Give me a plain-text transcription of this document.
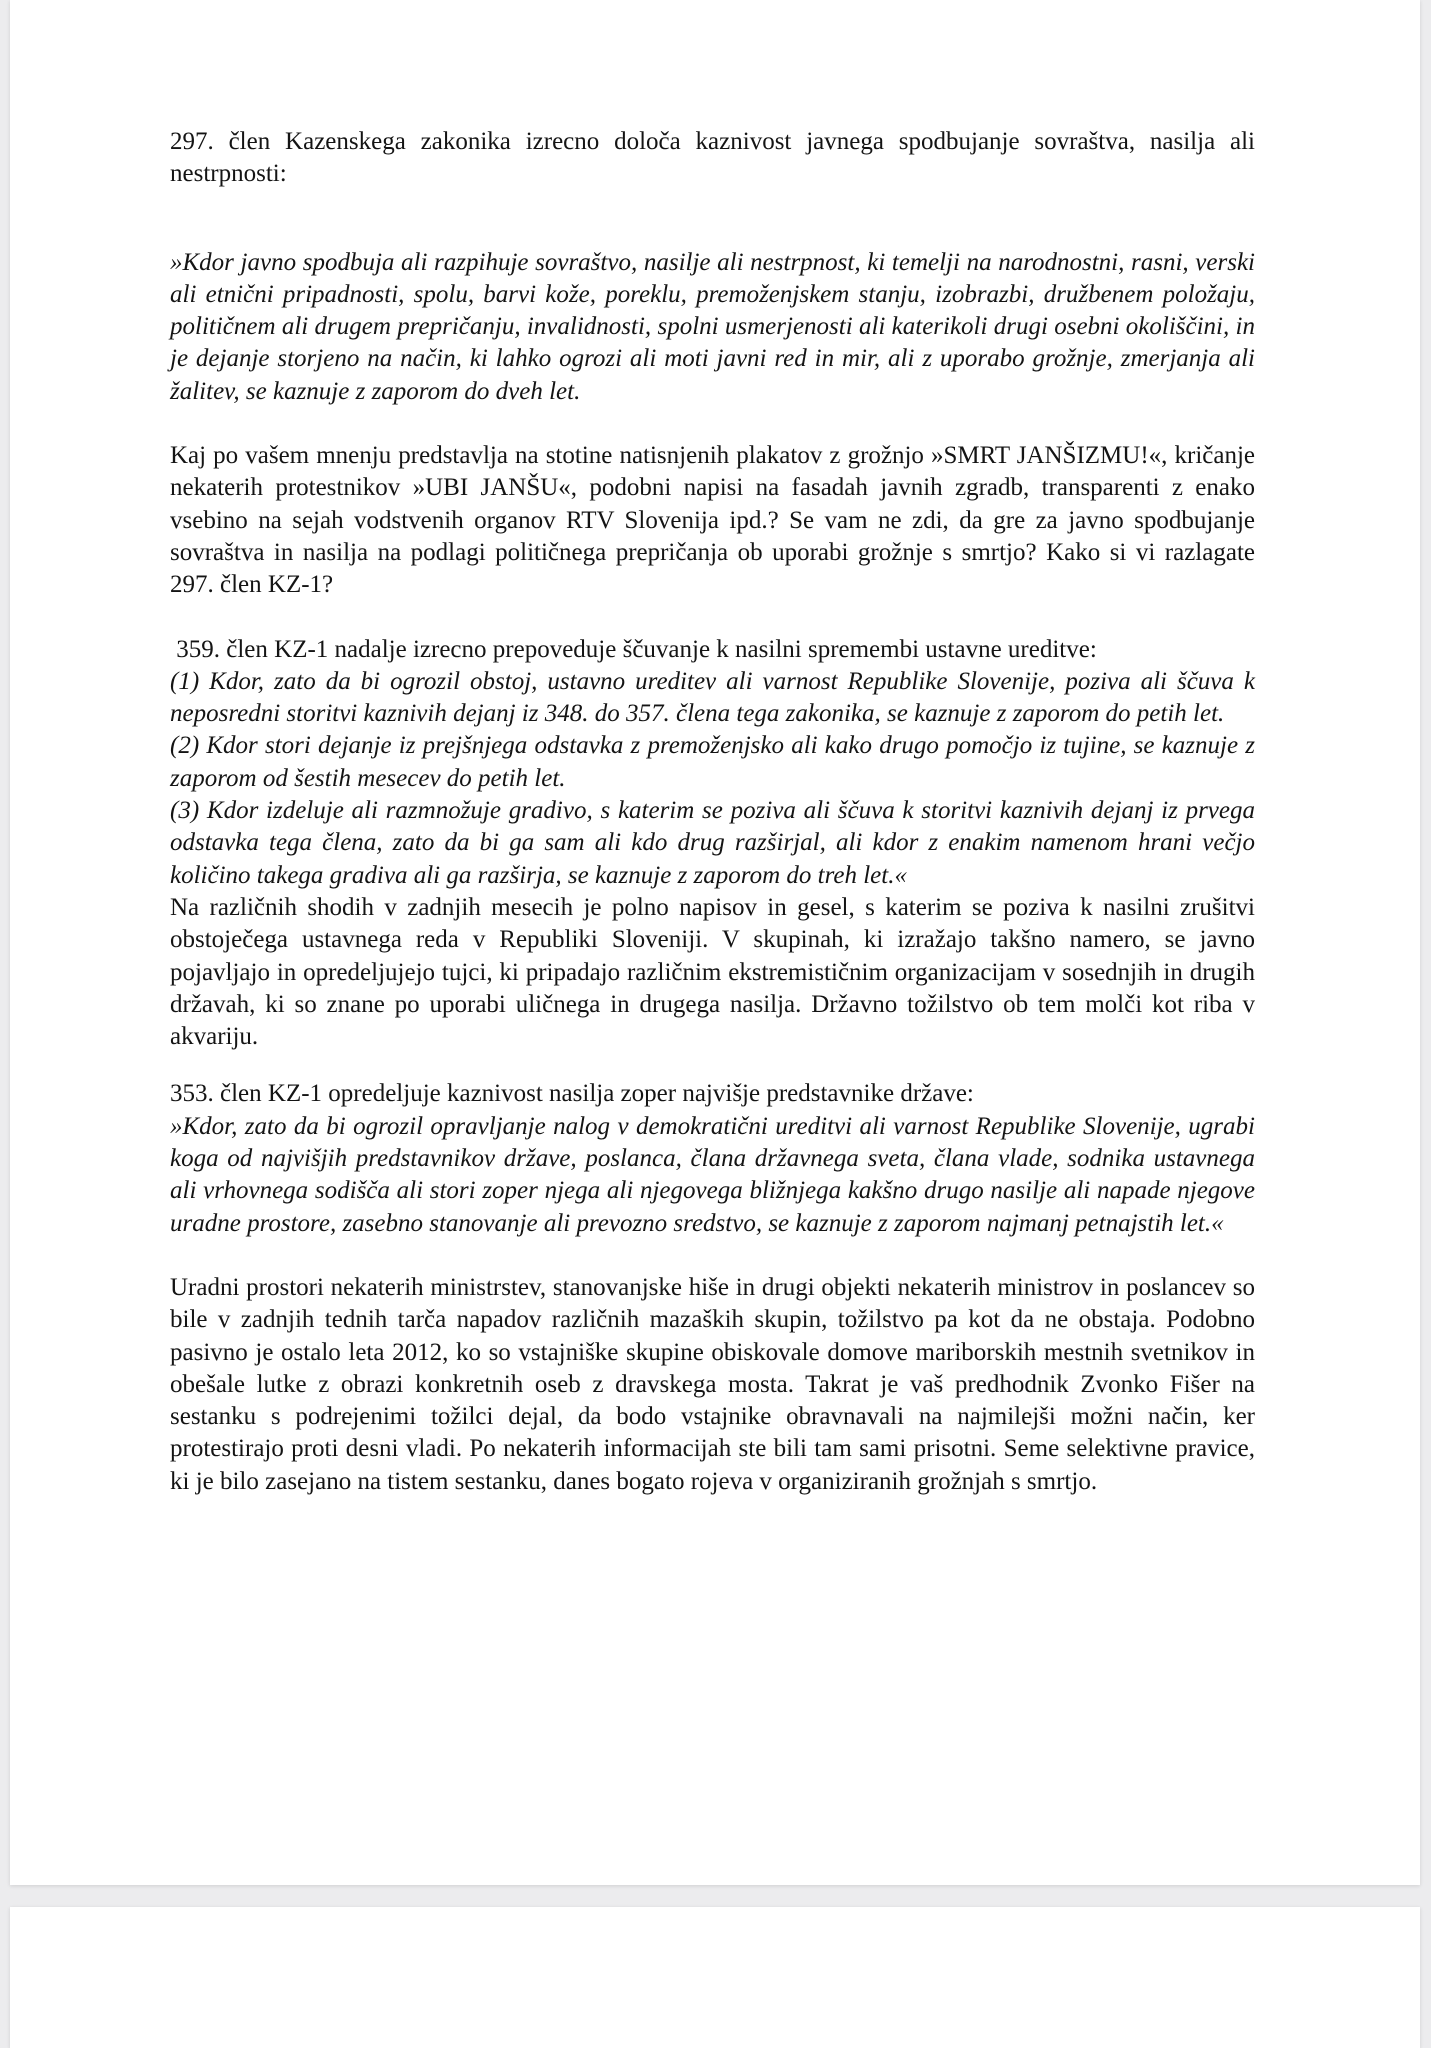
297. člen Kazenskega zakonika izrecno določa kaznivost javnega spodbujanje sovraštva, nasilja ali nestrpnosti:

»Kdor javno spodbuja ali razpihuje sovraštvo, nasilje ali nestrpnost, ki temelji na narodnostni, rasni, verski ali etnični pripadnosti, spolu, barvi kože, poreklu, premoženjskem stanju, izobrazbi, družbenem položaju, političnem ali drugem prepričanju, invalidnosti, spolni usmerjenosti ali katerikoli drugi osebni okoliščini, in je dejanje storjeno na način, ki lahko ogrozi ali moti javni red in mir, ali z uporabo grožnje, zmerjanja ali žalitev, se kaznuje z zaporom do dveh let.

Kaj po vašem mnenju predstavlja na stotine natisnjenih plakatov z grožnjo »SMRT JANŠIZMU!«, kričanje nekaterih protestnikov »UBI JANŠU«, podobni napisi na fasadah javnih zgradb, transparenti z enako vsebino na sejah vodstvenih organov RTV Slovenija ipd.? Se vam ne zdi, da gre za javno spodbujanje sovraštva in nasilja na podlagi političnega prepričanja ob uporabi grožnje s smrtjo? Kako si vi razlagate 297. člen KZ-1?

359. člen KZ-1 nadalje izrecno prepoveduje ščuvanje k nasilni spremembi ustavne ureditve:

(1) Kdor, zato da bi ogrozil obstoj, ustavno ureditev ali varnost Republike Slovenije, poziva ali ščuva k neposredni storitvi kaznivih dejanj iz 348. do 357. člena tega zakonika, se kaznuje z zaporom do petih let.

(2) Kdor stori dejanje iz prejšnjega odstavka z premoženjsko ali kako drugo pomočjo iz tujine, se kaznuje z zaporom od šestih mesecev do petih let.

(3) Kdor izdeluje ali razmnožuje gradivo, s katerim se poziva ali ščuva k storitvi kaznivih dejanj iz prvega odstavka tega člena, zato da bi ga sam ali kdo drug razširjal, ali kdor z enakim namenom hrani večjo količino takega gradiva ali ga razširja, se kaznuje z zaporom do treh let.«

Na različnih shodih v zadnjih mesecih je polno napisov in gesel, s katerim se poziva k nasilni zrušitvi obstoječega ustavnega reda v Republiki Sloveniji. V skupinah, ki izražajo takšno namero, se javno pojavljajo in opredeljujejo tujci, ki pripadajo različnim ekstremističnim organizacijam v sosednjih in drugih državah, ki so znane po uporabi uličnega in drugega nasilja. Državno tožilstvo ob tem molči kot riba v akvariju.

353. člen KZ-1 opredeljuje kaznivost nasilja zoper najvišje predstavnike države:

»Kdor, zato da bi ogrozil opravljanje nalog v demokratični ureditvi ali varnost Republike Slovenije, ugrabi koga od najvišjih predstavnikov države, poslanca, člana državnega sveta, člana vlade, sodnika ustavnega ali vrhovnega sodišča ali stori zoper njega ali njegovega bližnjega kakšno drugo nasilje ali napade njegove uradne prostore, zasebno stanovanje ali prevozno sredstvo, se kaznuje z zaporom najmanj petnajstih let.«

Uradni prostori nekaterih ministrstev, stanovanjske hiše in drugi objekti nekaterih ministrov in poslancev so bile v zadnjih tednih tarča napadov različnih mazaških skupin, tožilstvo pa kot da ne obstaja. Podobno pasivno je ostalo leta 2012, ko so vstajniške skupine obiskovale domove mariborskih mestnih svetnikov in obešale lutke z obrazi konkretnih oseb z dravskega mosta. Takrat je vaš predhodnik Zvonko Fišer na sestanku s podrejenimi tožilci dejal, da bodo vstajnike obravnavali na najmilejši možni način, ker protestirajo proti desni vladi. Po nekaterih informacijah ste bili tam sami prisotni. Seme selektivne pravice, ki je bilo zasejano na tistem sestanku, danes bogato rojeva v organiziranih grožnjah s smrtjo.
